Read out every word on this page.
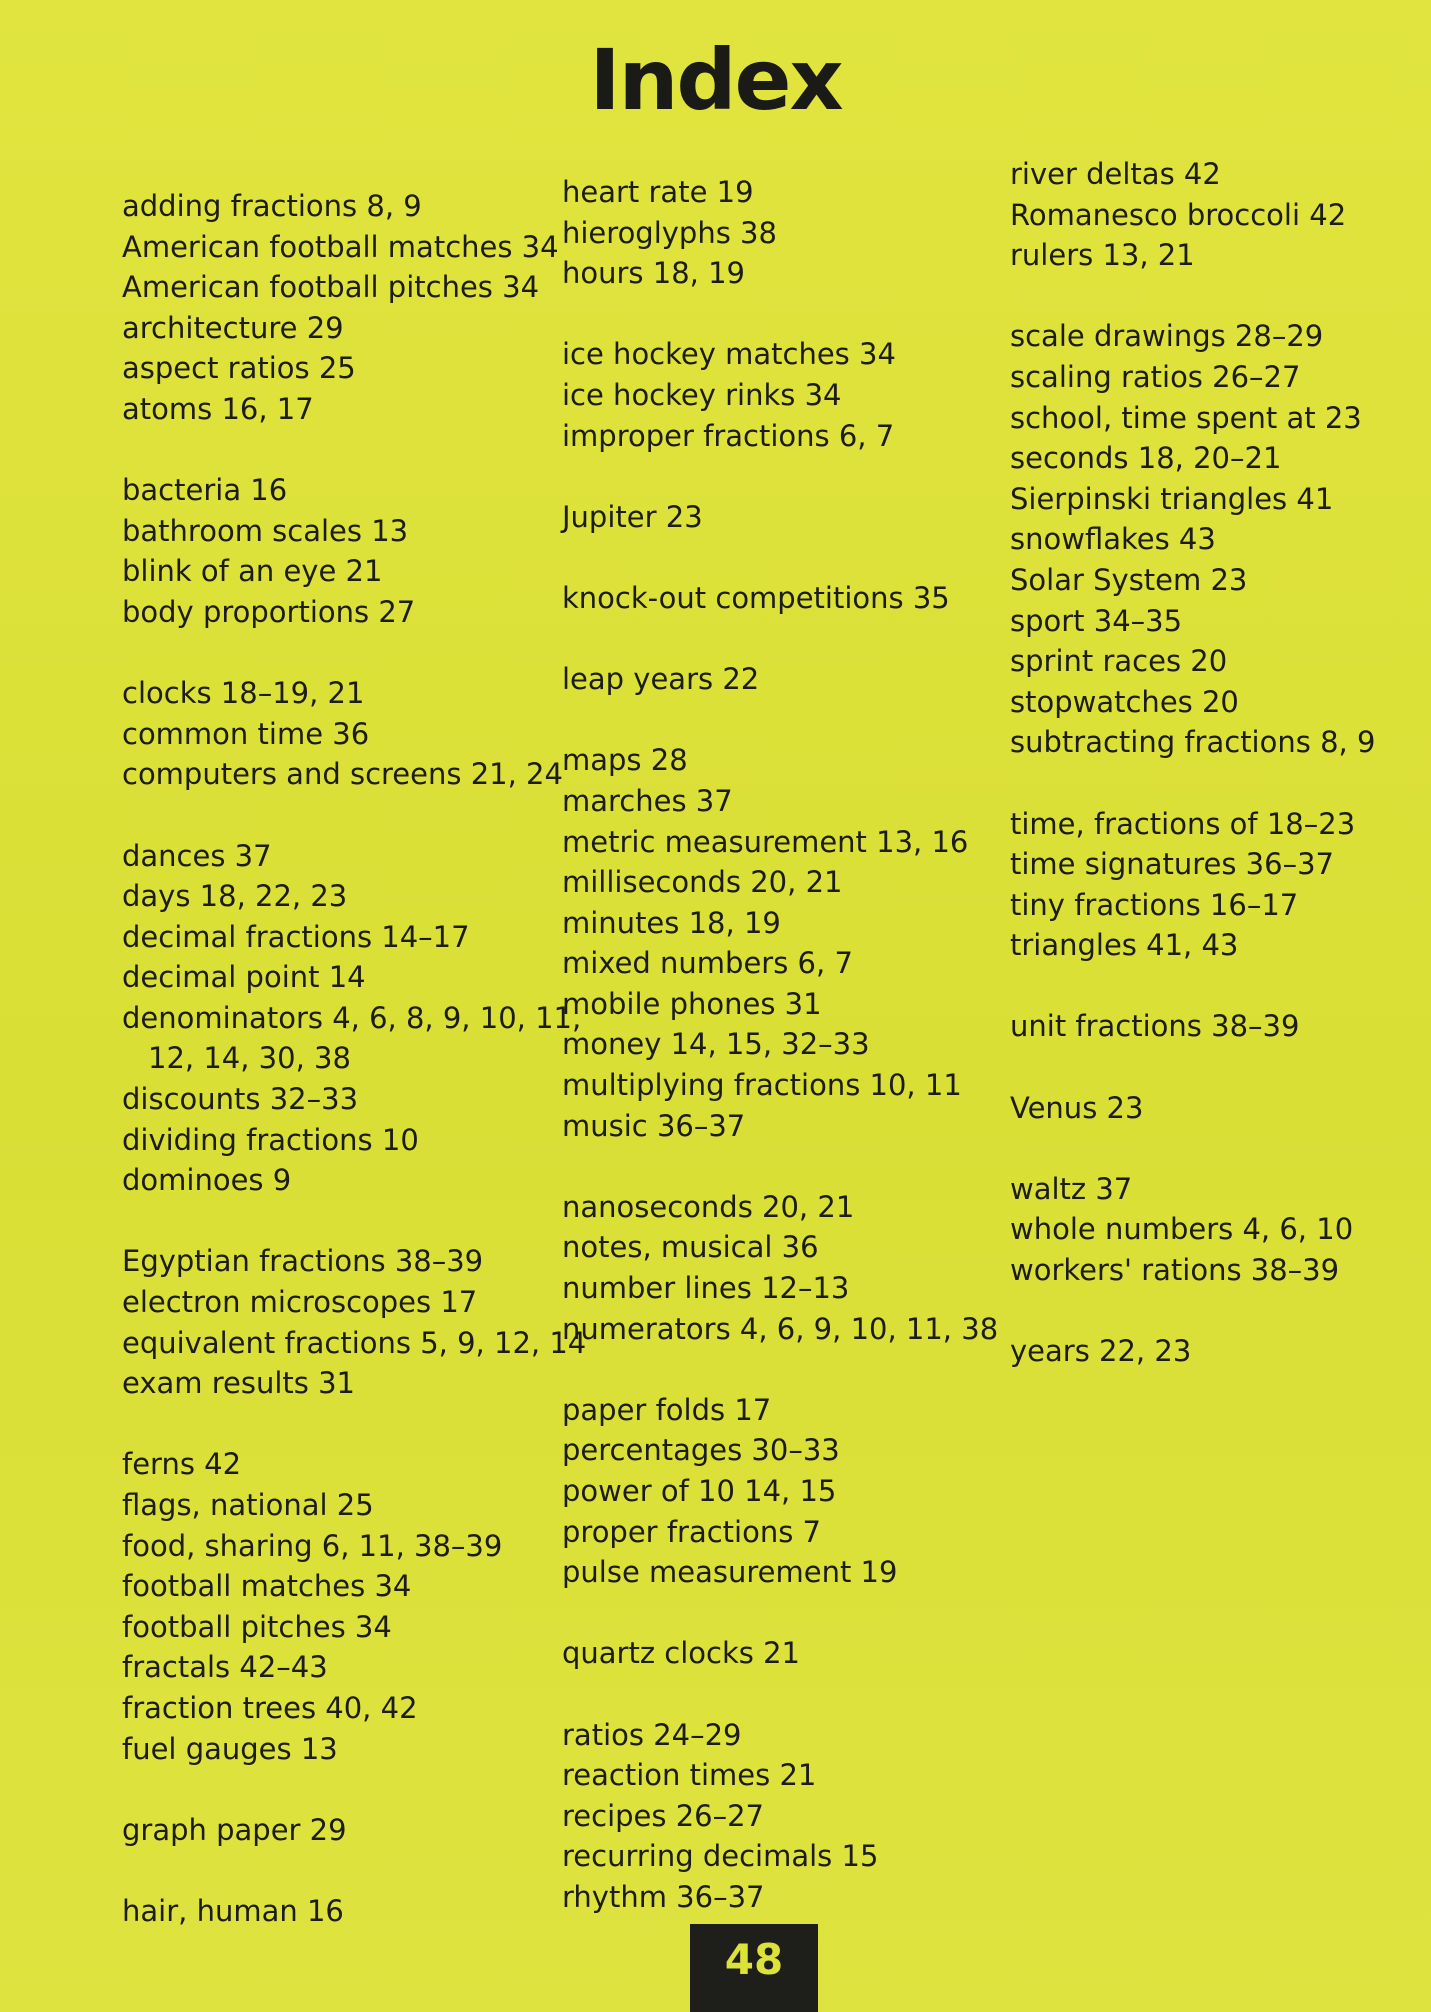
Index
adding fractions 8, 9
American football matches 34
American football pitches 34
architecture 29
aspect ratios 25
atoms 16, 17
bacteria 16
bathroom scales 13
blink of an eye 21
body proportions 27
clocks 18–19, 21
common time 36
computers and screens 21, 24
dances 37
days 18, 22, 23
decimal fractions 14–17
decimal point 14
denominators 4, 6, 8, 9, 10, 11,
12, 14, 30, 38
discounts 32–33
dividing fractions 10
dominoes 9
Egyptian fractions 38–39
electron microscopes 17
equivalent fractions 5, 9, 12, 14
exam results 31
ferns 42
flags, national 25
food, sharing 6, 11, 38–39
football matches 34
football pitches 34
fractals 42–43
fraction trees 40, 42
fuel gauges 13
graph paper 29
hair, human 16
heart rate 19
hieroglyphs 38
hours 18, 19
ice hockey matches 34
ice hockey rinks 34
improper fractions 6, 7
Jupiter 23
knock-out competitions 35
leap years 22
maps 28
marches 37
metric measurement 13, 16
milliseconds 20, 21
minutes 18, 19
mixed numbers 6, 7
mobile phones 31
money 14, 15, 32–33
multiplying fractions 10, 11
music 36–37
nanoseconds 20, 21
notes, musical 36
number lines 12–13
numerators 4, 6, 9, 10, 11, 38
paper folds 17
percentages 30–33
power of 10 14, 15
proper fractions 7
pulse measurement 19
quartz clocks 21
ratios 24–29
reaction times 21
recipes 26–27
recurring decimals 15
rhythm 36–37
river deltas 42
Romanesco broccoli 42
rulers 13, 21
scale drawings 28–29
scaling ratios 26–27
school, time spent at 23
seconds 18, 20–21
Sierpinski triangles 41
snowflakes 43
Solar System 23
sport 34–35
sprint races 20
stopwatches 20
subtracting fractions 8, 9
time, fractions of 18–23
time signatures 36–37
tiny fractions 16–17
triangles 41, 43
unit fractions 38–39
Venus 23
waltz 37
whole numbers 4, 6, 10
workers' rations 38–39
years 22, 23
48
